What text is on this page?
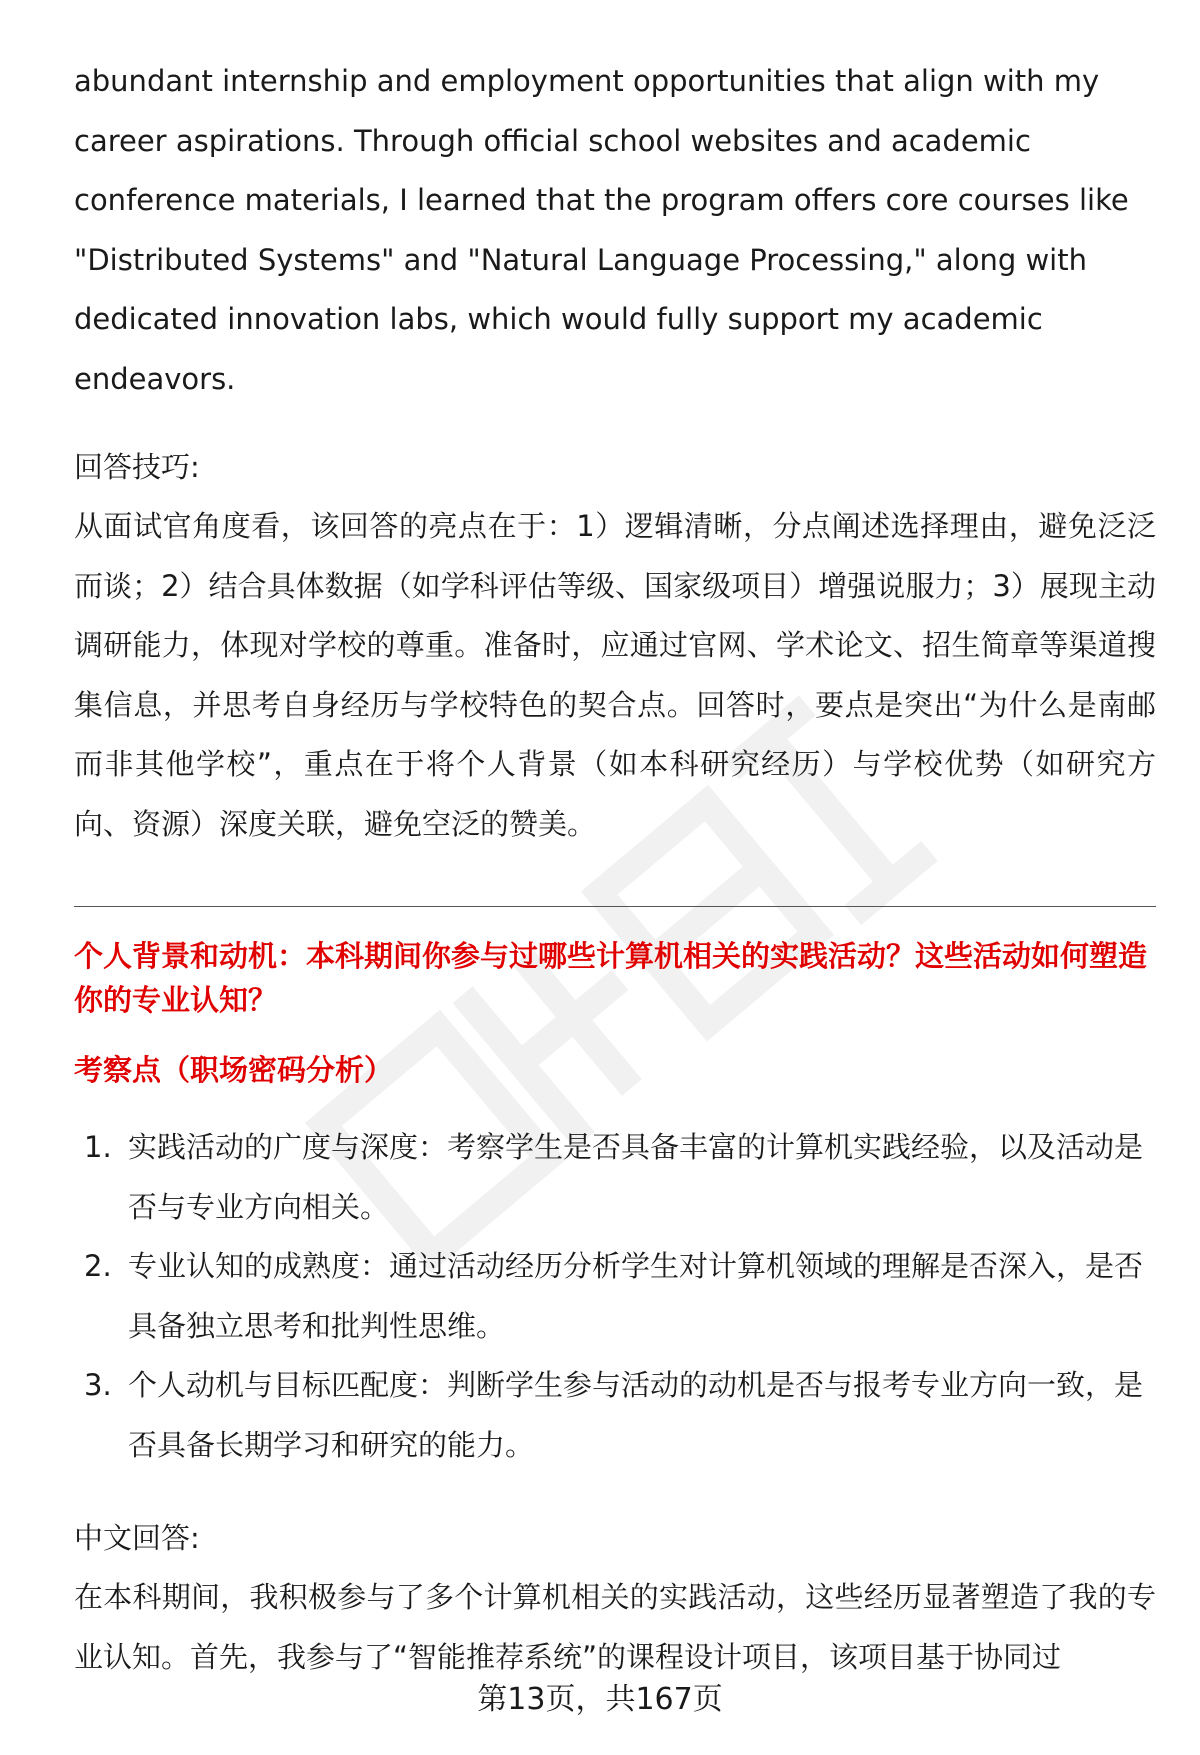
abundant internship and employment opportunities that align with my career aspirations. Through official school websites and academic conference materials, I learned that the program offers core courses like "Distributed Systems" and "Natural Language Processing," along with dedicated innovation labs, which would fully support my academic endeavors.

回答技巧:

从面试官角度看，该回答的亮点在于：1）逻辑清晰，分点阐述选择理由，避免泛泛而谈；2）结合具体数据（如学科评估等级、国家级项目）增强说服力；3）展现主动调研能力，体现对学校的尊重。准备时，应通过官网、学术论文、招生简章等渠道搜集信息，并思考自身经历与学校特色的契合点。回答时，要点是突出“为什么是南邮而非其他学校”，重点在于将个人背景（如本科研究经历）与学校优势（如研究方向、资源）深度关联，避免空泛的赞美。

个人背景和动机：本科期间你参与过哪些计算机相关的实践活动？这些活动如何塑造你的专业认知？

考察点（职场密码分析）

1. 实践活动的广度与深度：考察学生是否具备丰富的计算机实践经验，以及活动是否与专业方向相关。
2. 专业认知的成熟度：通过活动经历分析学生对计算机领域的理解是否深入，是否具备独立思考和批判性思维。
3. 个人动机与目标匹配度：判断学生参与活动的动机是否与报考专业方向一致，是否具备长期学习和研究的能力。

中文回答:

在本科期间，我积极参与了多个计算机相关的实践活动，这些经历显著塑造了我的专业认知。首先，我参与了“智能推荐系统”的课程设计项目，该项目基于协同过

第13页，共167页
